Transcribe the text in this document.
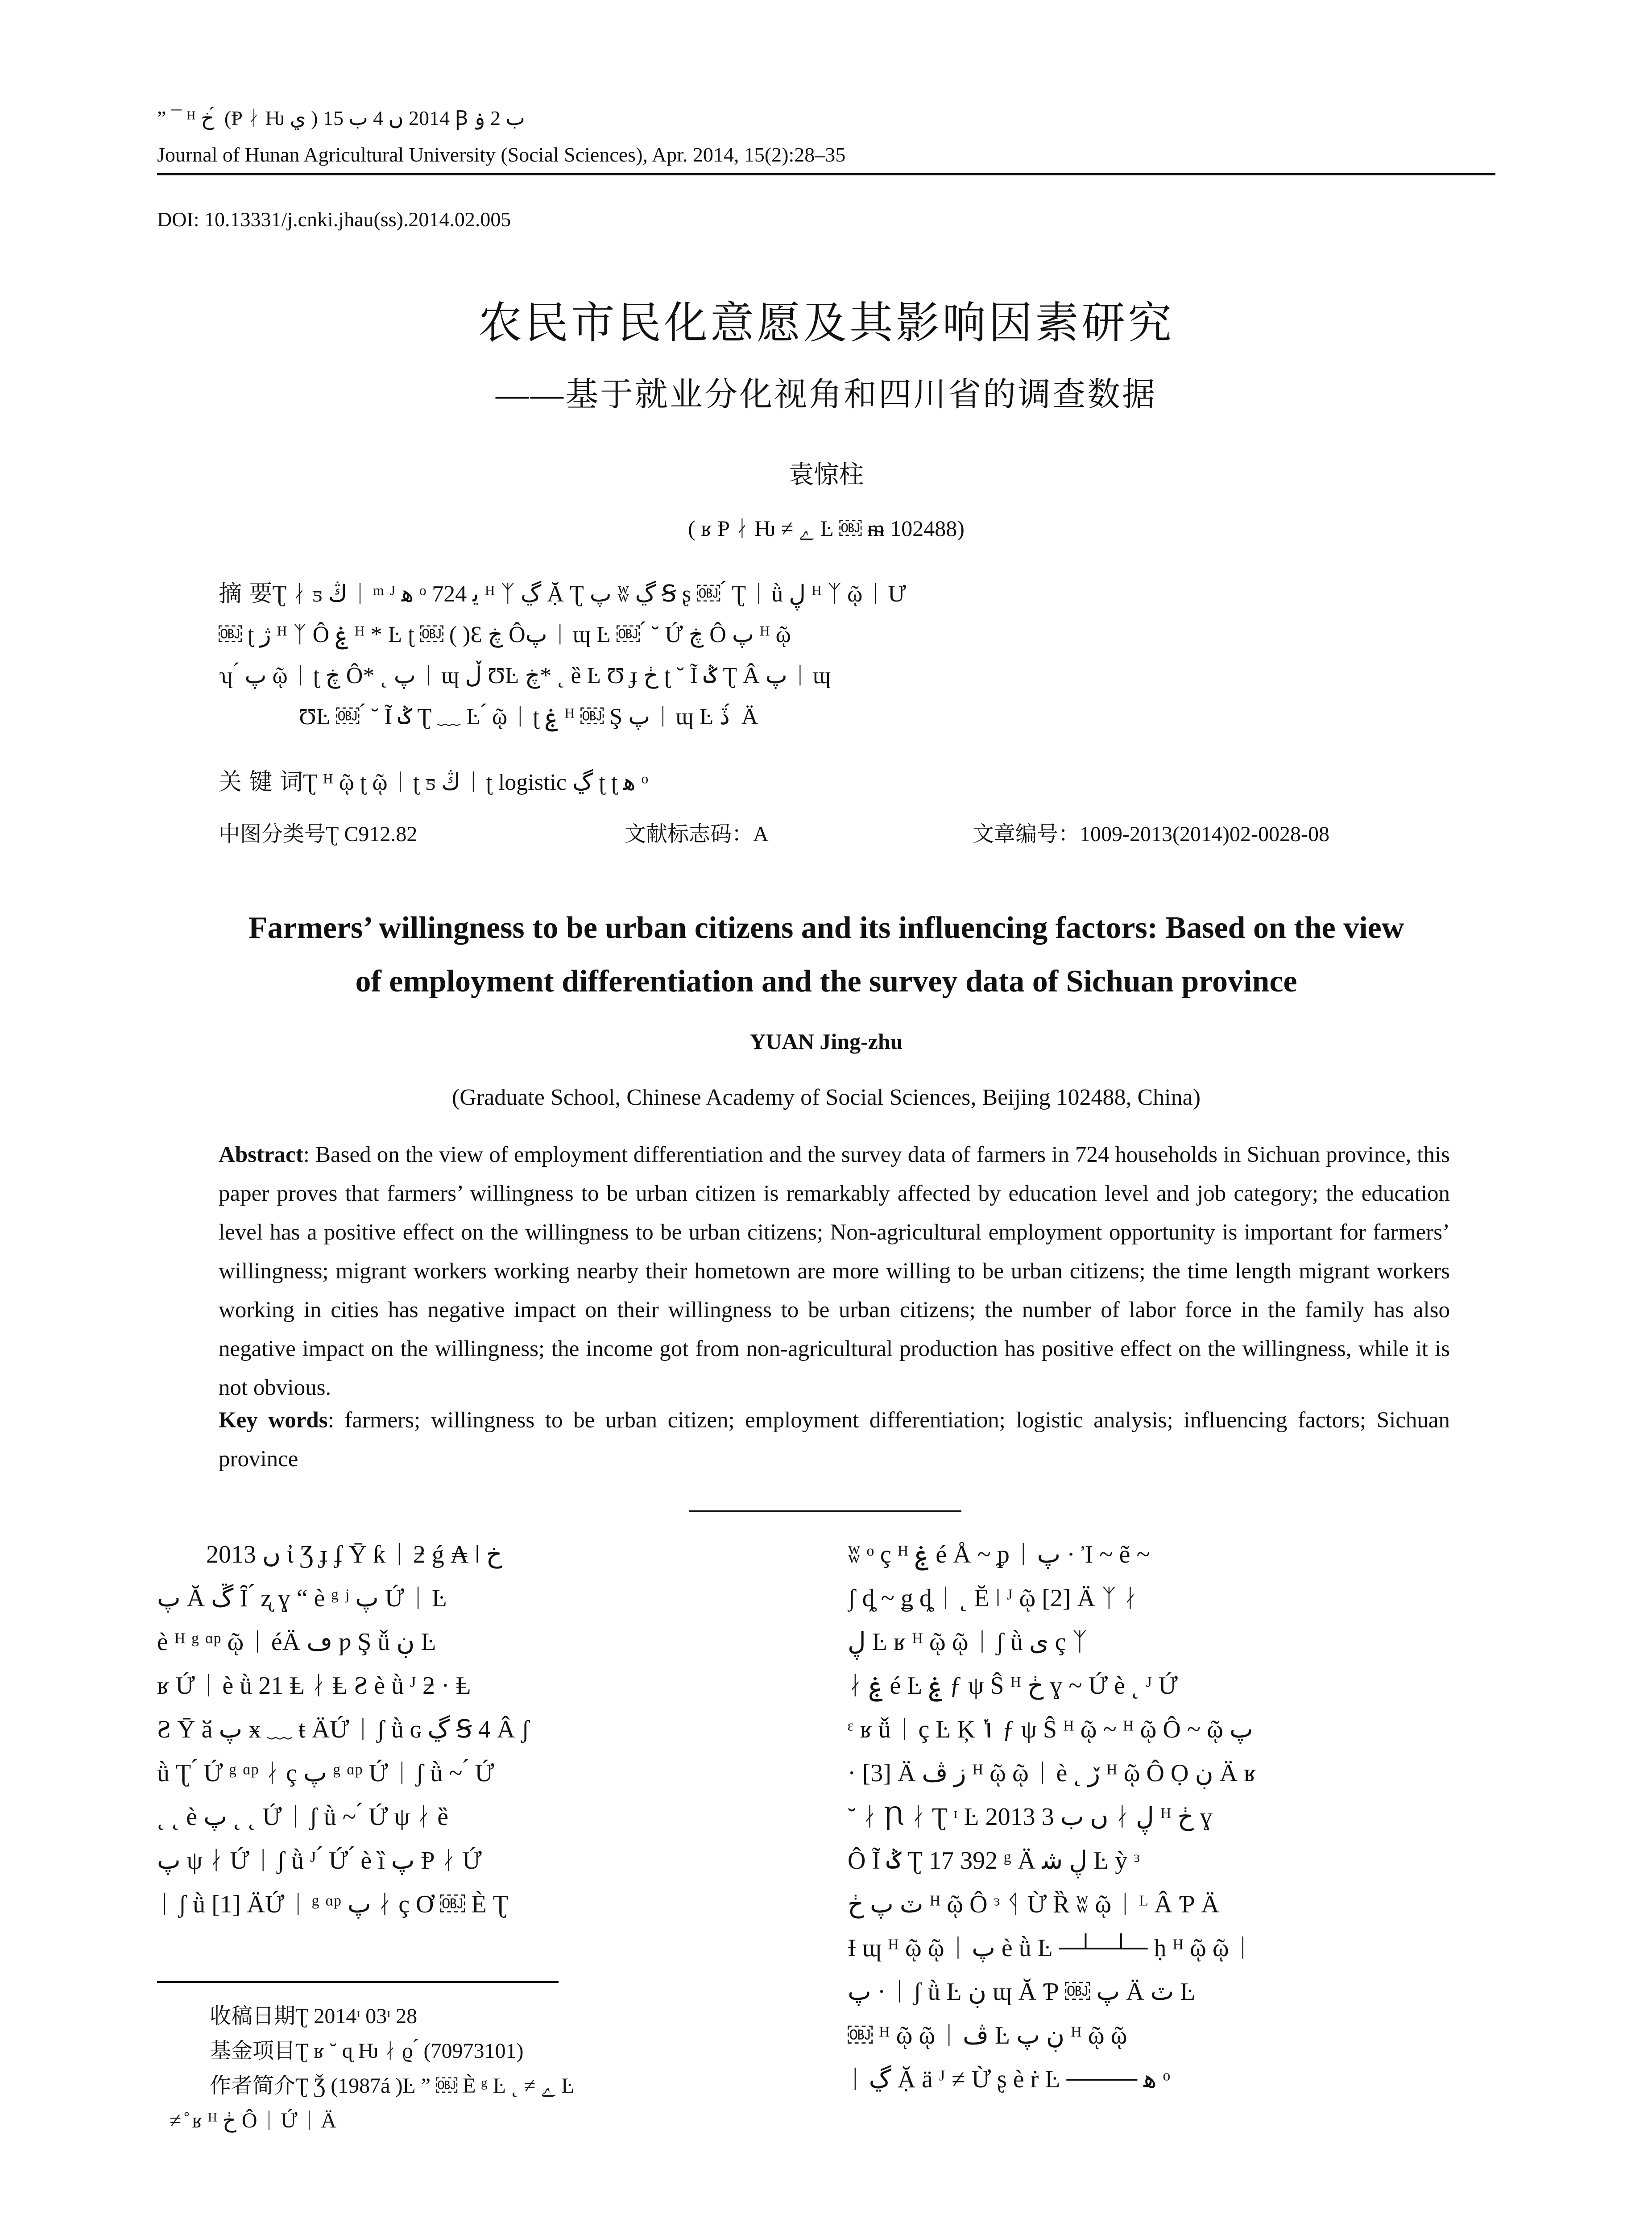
” ¯ ᴴ خ ́ (Ᵽ ᛅ Ƕ ي ) 2014 ں 4 ب 15 Ꞵ ب 2 ۏ
Journal of Hunan Agricultural University (Social Sciences), Apr. 2014, 15(2):28–35
DOI: 10.13331/j.cnki.jhau(ss).2014.02.005
农民市民化意愿及其影响因素研究
——基于就业分化视角和四川省的调查数据
袁惊柱
( ʁ Ᵽ ᛅ Ƕ ≠ ﮮ Ŀ ￼ ᵯ 102488)
摘 要Ʈ ᛅ ƽ ڭ ᛁ ᵐ ᴶ ﻫ ᵒ 724 ﯾ ᴴ ᛉ ڲ Ặ Ʈ ﭖ ʬ ڲ Ꞩ ʂ ￼ ́ Ʈ ᛁ ǜ ڸ ᴴ ᛉ ῷ ᛁ Ư
￼ ʈ ژ ᴴ ᛉ Ô ۼ ᴴ * Ŀ ʈ ￼ ( )Ɛ ڿ Ôﭖ ᛁ ɰ Ŀ ￼ ́ ˘ Ứ ڿ Ô ﭖ ᴴ ῷ
ʮ ́ ﭖ ῷ ᛁ ʈ ڿ Ô* ˛ ﭖ ᛁ ɰ ڵ ƱĿ ڿ* ˛ ȅ Ŀ Ʊ ɟ ڂ ʈ ˘ Ĩ ݣ Ʈ Â ﭖ ᛁ ɰ
ƱĿ ￼ ́ ˘ Ĩ ݣ Ʈ ﹏ Ŀ ́ ῷ ᛁ ʈ ۼ ᴴ ￼ Ş ﭖ ᛁ ɰ Ŀ ڏ ́ Ä
关 键 词Ʈ ᴴ ῷ ʈ ῷ ᛁ ʈ ƽ ڭ ᛁ ʈ logistic ڲ ʈ ʈ ﻫ ᵒ
中图分类号Ʈ C912.82	文献标志码：A	文章编号：1009-2013(2014)02-0028-08
Farmers’ willingness to be urban citizens and its influencing factors: Based on the view
of employment differentiation and the survey data of Sichuan province
YUAN Jing-zhu
(Graduate School, Chinese Academy of Social Sciences, Beijing 102488, China)
Abstract: Based on the view of employment differentiation and the survey data of farmers in 724 households in Sichuan province, this paper proves that farmers’ willingness to be urban citizen is remarkably affected by education level and job category; the education level has a positive effect on the willingness to be urban citizens; Non-agricultural employment opportunity is important for farmers’ willingness; migrant workers working nearby their hometown are more willing to be urban citizens; the time length migrant workers working in cities has negative impact on their willingness to be urban citizens; the number of labor force in the family has also negative impact on the willingness; the income got from non-agricultural production has positive effect on the willingness, while it is not obvious.
Key words: farmers; willingness to be urban citizen; employment differentiation; logistic analysis; influencing factors; Sichuan province
2013 ں ἰ Ʒ ɟ ʄ Ῡ ƙ ᛁ ƻ ǵ ₳ ǀ خ
ﭖ Ă ڱ Ȋ ́ ʐ ɣ “ è ᵍ ʲ ﭖ Ứ ᛁ Ŀ
è ᴴ ᵍ ᵅᵖ ῷ ᛁ éÄ ڡ ƿ Ş ǚ ڹ Ŀ
ʁ Ứ ᛁ è ǜ 21 Ⱡ ᛅ Ⱡ Ƨ è ǜ ᴶ ƻ · Ⱡ
Ƨ Ῡ ӑ ﭖ ӿ ﹏ ŧ ÄỨ ᛁ ʃ ǜ ɢ ڲ Ꞩ 4 Â ʃ
ǜ Ʈ ́ Ứ ᵍ ᵅᵖ ᛅ ç ﭖ ᵍ ᵅᵖ Ứ ᛁ ʃ ǜ ~ ́ Ứ
˛ ˛ è ﭖ ˛ ˛ Ứ ᛁ ʃ ǜ ~ ́ Ứ ψ ᛅ ȅ
ﭖ ψ ᛅ Ứ ᛁ ʃ ǜ ᴶ ́ Ứ ́ è ȉ ﭖ Ᵽ ᛅ Ứ
ᛁ ʃ ǜ [1] ÄỨ ᛁ ᵍ ᵅᵖ ﭖ ᛅ ç Ơ ￼ È Ʈ
ʬ ᵒ ç ᴴ ۼ é Å ~ ᵱ ᛁ ﭖ · Ἰ ~ ẽ ~
ʃ ȡ ~ ǥ ȡ ᛁ ˛ Ĕ ǀ ᴶ ῷ [2] Ä ᛉ ᛅ
ڸ Ŀ ʁ ᴴ ῷ ῷ ᛁ ʃ ǜ ى ç ᛉ
ᛅ ۼ é Ŀ ۼ ƒ ψ Ŝ ᴴ ڂ ɣ ~ Ứ è ˛ ᴶ Ứ
ᵋ ʁ ǚ ᛁ ç Ŀ Ķ ݳ ƒ ψ Ŝ ᴴ ῷ ~ ᴴ ῷ Ô ~ ῷ ﭖ
· [3] Ä ز ﭪ ᴴ ῷ ῷ ᛁ è ˛ ڒ ᴴ ῷ Ô Ọ ڹ Ä ʁ
˘ ᛅ Ꞃ ᛅ Ʈ ᶦ Ŀ 2013 ں ب 3 ᛅ ڸ ᴴ ڂ ɣ
Ô Ĩ ݣ Ʈ 17 392 ᵍ Ä ڸ ﺷ Ŀ ỳ ᵌ
ٽ ﭖ ڂ ᴴ ῷ Ô ᵌ ᛩ Ừ Ȑ ʬ ῷ ᛁ ᴸ Â Ƥ Ä
Ɨ ɰ ᴴ ῷ ῷ ᛁ ﭖ è ǜ Ŀ ─┴─┴─ ḥ ᴴ ῷ ῷ ᛁ
ﭖ · ᛁ ʃ ǜ Ŀ ڹ ɰ Ă Ƥ ￼ ﭖ Ä ٽ Ŀ
￼ ᴴ ῷ ῷ ᛁ ڤ Ŀ ڹ ﭖ ᴴ ῷ ῷ
ᛁ ڲ Ặ ӓ ᴶ ≠ Ừ ʂ è ṙ Ŀ ──── ﻫ ᵒ
收稿日期Ʈ 2014ᶦ 03ᶦ 28
基金项目Ʈ ʁ ˘ ɋ Ƕ ᛅ ϱ ́ (70973101)
作者简介Ʈ Ǯ (1987á )Ŀ ” ￼ È ᵍ Ŀ ˛ ≠ ﮮ Ŀ
≠ ̊ ʁ ᴴ ڂ Ô ᛁ Ứ ᛁ Ä
